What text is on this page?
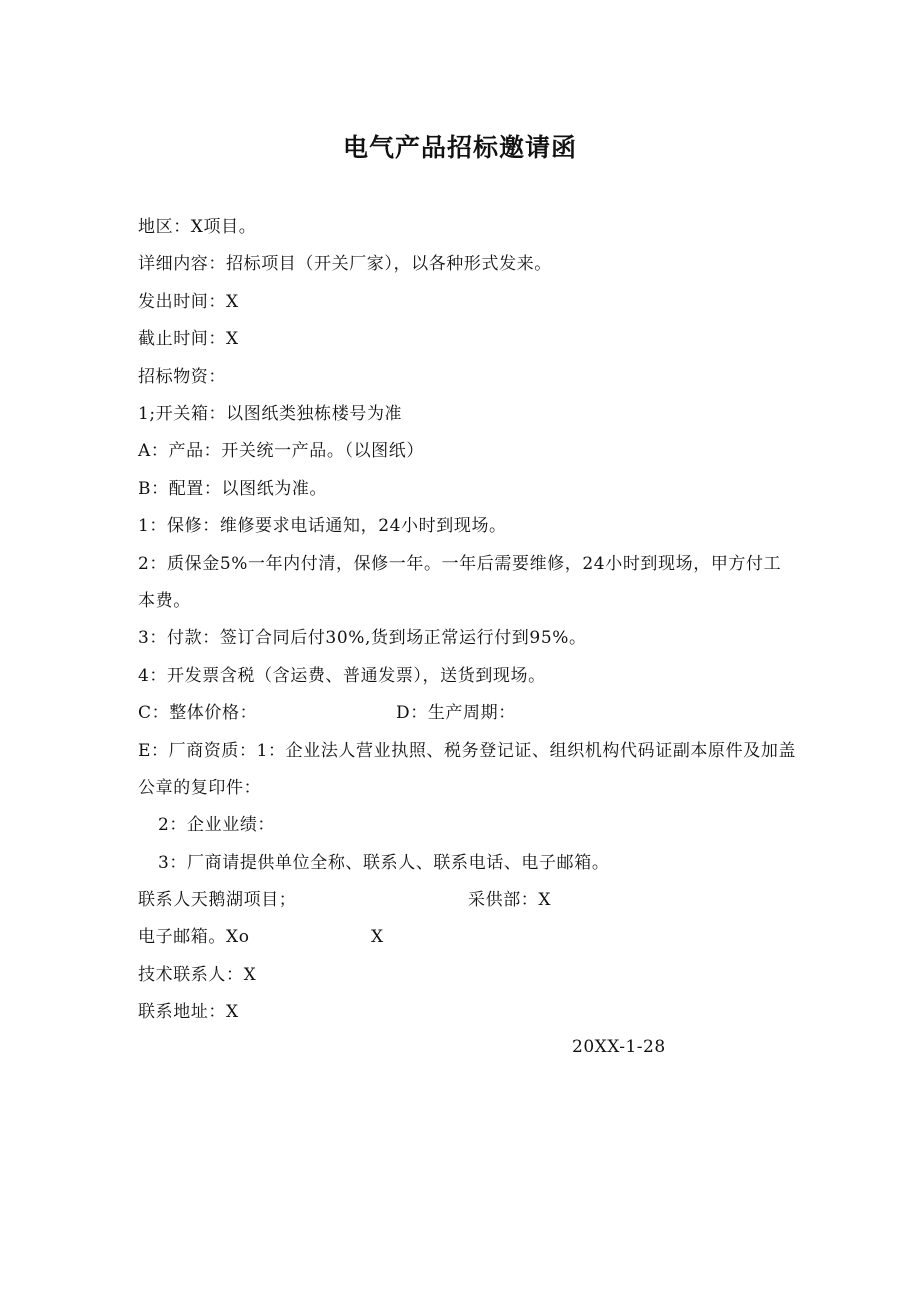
电气产品招标邀请函
地区：X项目。
详细内容：招标项目（开关厂家），以各种形式发来。
发出时间：X
截止时间：X
招标物资：
1;开关箱：以图纸类独栋楼号为准
A：产品：开关统一产品。（以图纸）
B：配置：以图纸为准。
1：保修：维修要求电话通知，24小时到现场。
2：质保金5%一年内付清，保修一年。一年后需要维修，24小时到现场，甲方付工本费。
3：付款：签订合同后付30%,货到场正常运行付到95%。
4：开发票含税（含运费、普通发票），送货到现场。
C：整体价格：	D：生产周期：
E：厂商资质：1：企业法人营业执照、税务登记证、组织机构代码证副本原件及加盖公章的复印件：
2：企业业绩：
3：厂商请提供单位全称、联系人、联系电话、电子邮箱。
联系人天鹅湖项目；	采供部：X
电子邮箱。Xo	X
技术联系人：X
联系地址：X
20XX-1-28
